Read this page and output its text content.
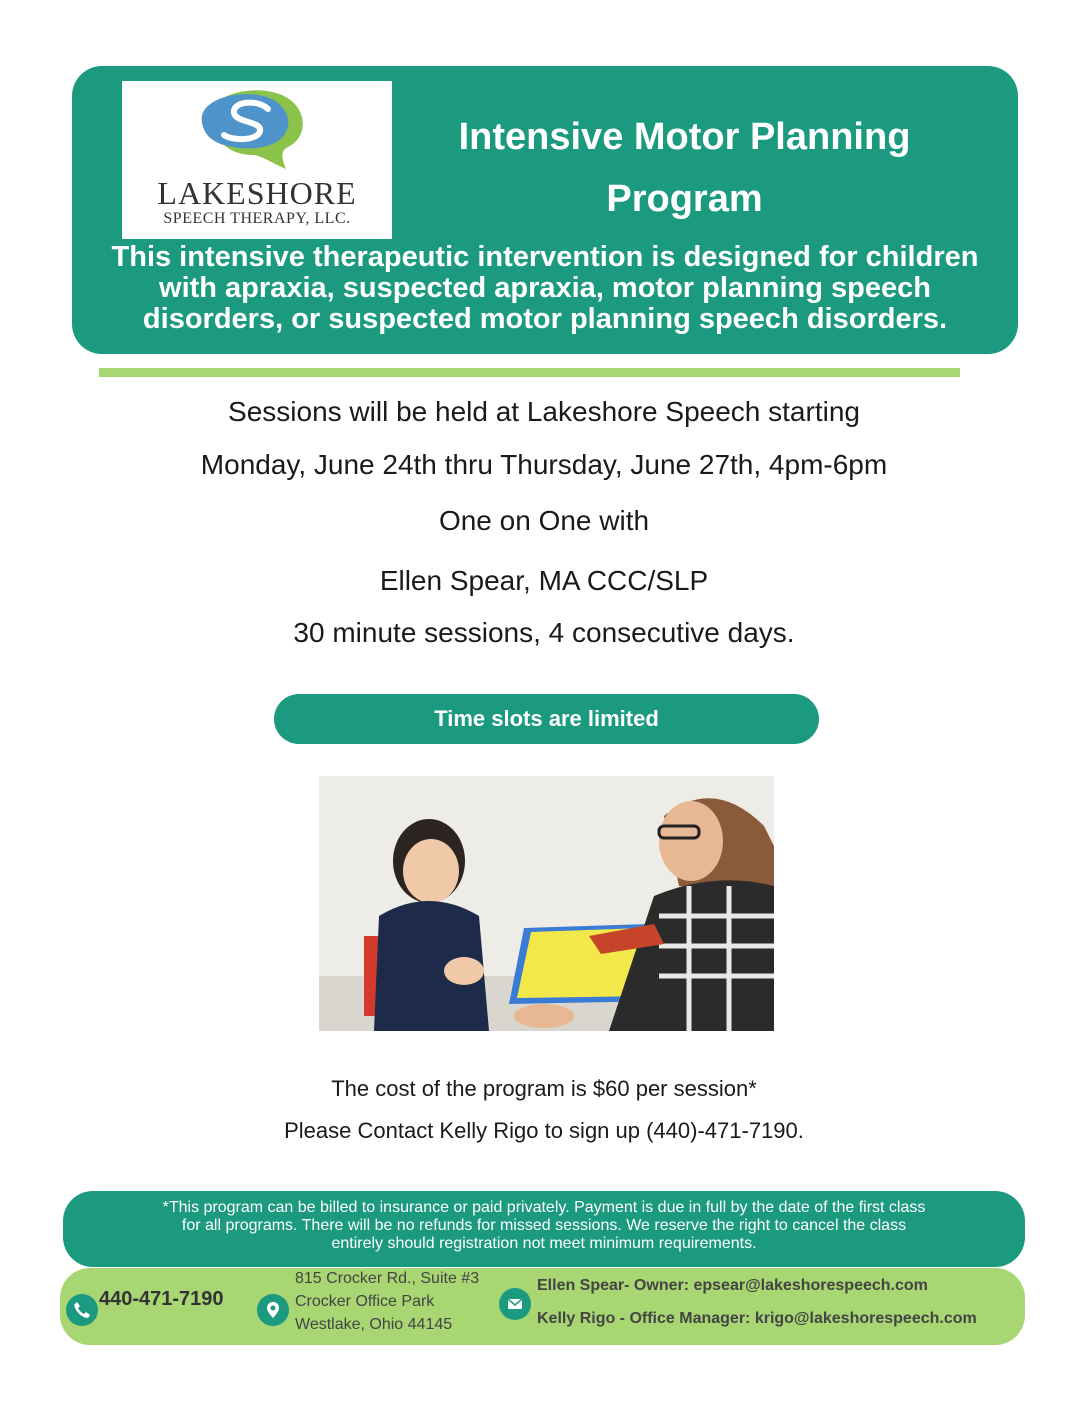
LAKESHORE
SPEECH THERAPY, LLC.
Intensive Motor Planning
Program
This intensive therapeutic intervention is designed for children
with apraxia, suspected apraxia, motor planning speech
disorders, or suspected motor planning speech disorders.
Sessions will be held at Lakeshore Speech starting
Monday, June 24th thru Thursday, June 27th, 4pm-6pm
One on One with
Ellen Spear, MA CCC/SLP
30 minute sessions, 4 consecutive days.
Time slots are limited
The cost of the program is $60 per session*
Please Contact Kelly Rigo to sign up (440)-471-7190.
*This program can be billed to insurance or paid privately. Payment is due in full by the date of the first class
for all programs. There will be no refunds for missed sessions. We reserve the right to cancel the class
entirely should registration not meet minimum requirements.
440-471-7190
815 Crocker Rd., Suite #3
Crocker Office Park
Westlake, Ohio 44145
Ellen Spear- Owner: epsear@lakeshorespeech.com
Kelly Rigo - Office Manager: krigo@lakeshorespeech.com
